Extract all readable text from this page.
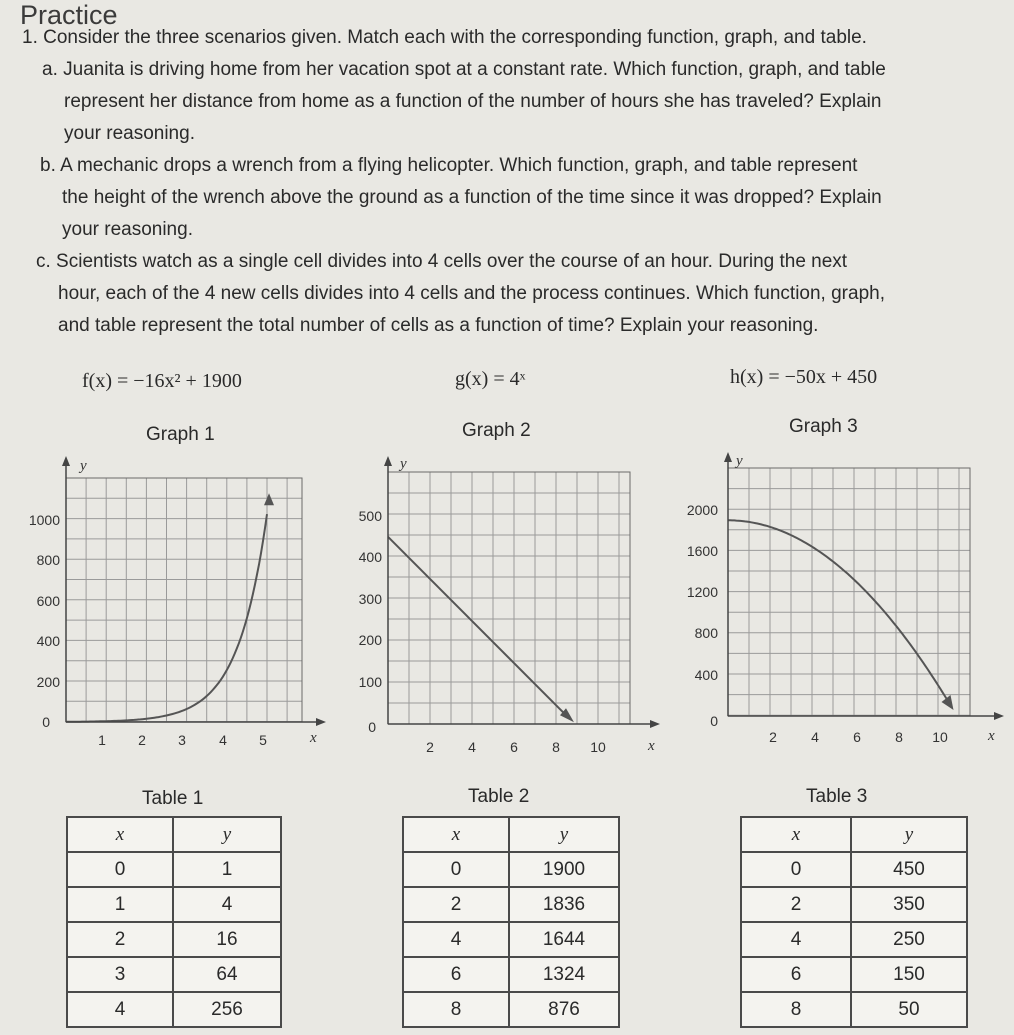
Practice
1. Consider the three scenarios given. Match each with the corresponding function, graph, and table.
a. Juanita is driving home from her vacation spot at a constant rate. Which function, graph, and table
represent her distance from home as a function of the number of hours she has traveled? Explain
your reasoning.
b. A mechanic drops a wrench from a flying helicopter. Which function, graph, and table represent
the height of the wrench above the ground as a function of the time since it was dropped? Explain
your reasoning.
c. Scientists watch as a single cell divides into 4 cells over the course of an hour. During the next
hour, each of the 4 new cells divides into 4 cells and the process continues. Which function, graph,
and table represent the total number of cells as a function of time? Explain your reasoning.
f(x) = −16x² + 1900	g(x) = 4ˣ	h(x) = −50x + 450
Graph 1	Graph 2	Graph 3
y
x
1000
800
600
400
200
0
1 2 3 4 5
y
x
500
400
300
200
100
0
2 4 6 8 10
y
x
2000
1600
1200
800
400
0
2 4 6 8 10
Table 1	Table 2	Table 3
x	y
0	1
1	4
2	16
3	64
4	256
x	y
0	1900
2	1836
4	1644
6	1324
8	876
x	y
0	450
2	350
4	250
6	150
8	50
